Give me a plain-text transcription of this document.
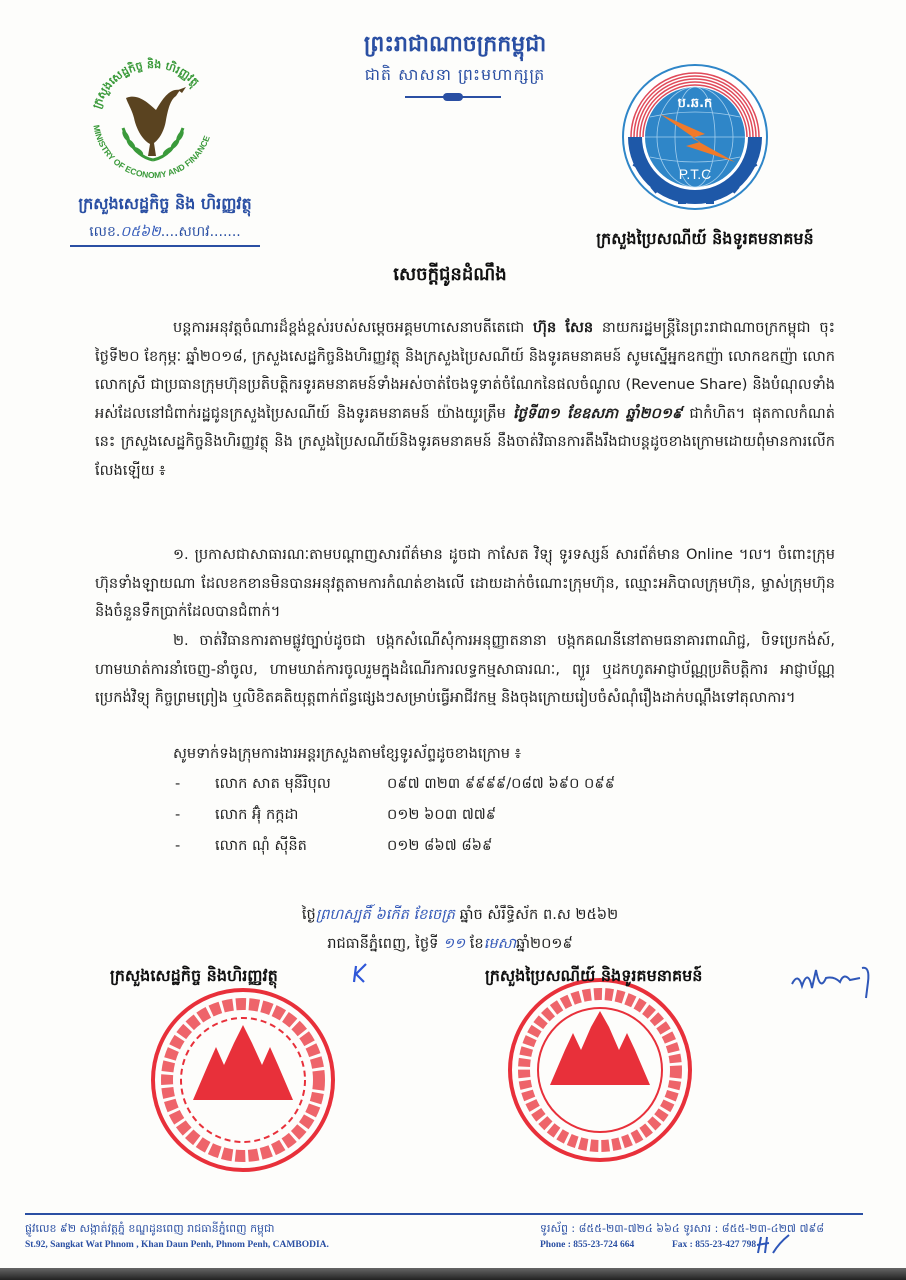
ក្រសួងសេដ្ឋកិច្ច និង ហិរញ្ញវត្ថុ
MINISTRY OF ECONOMY AND FINANCE
ក្រសួងសេដ្ឋកិច្ច និង ហិរញ្ញវត្ថុ
លេខ.០៥៦២....សហវ.......
ព្រះរាជាណាចក្រកម្ពុជា
ជាតិ សាសនា ព្រះមហាក្សត្រ
ប.ឆ.ក
P.T.C
ក្រសួងប្រៃសណីយ៍ និងទូរគមនាគមន៍
សេចក្តីជូនដំណឹង
បន្តការអនុវត្តចំណារដ៏ខ្ពង់ខ្ពស់របស់សម្តេចអគ្គមហាសេនាបតីតេជោ ហ៊ុន សែន នាយករដ្ឋមន្ត្រីនៃព្រះរាជាណាចក្រកម្ពុជា ចុះថ្ងៃទី២០ ខែកុម្ភៈ ឆ្នាំ២០១៨, ក្រសួងសេដ្ឋកិច្ចនិងហិរញ្ញវត្ថុ និងក្រសួងប្រៃសណីយ៍ និងទូរគមនាគមន៍ សូមស្នើអ្នកឧកញ៉ា លោកឧកញ៉ា លោក លោកស្រី ជាប្រធានក្រុមហ៊ុនប្រតិបត្តិករទូរគមនាគមន៍ទាំងអស់ចាត់ចែងទូទាត់ចំណែកនៃផលចំណូល (Revenue Share) និងបំណុលទាំងអស់ដែលនៅជំពាក់រដ្ឋជូនក្រសួងប្រៃសណីយ៍ និងទូរគមនាគមន៍ យ៉ាងយូរត្រឹម ថ្ងៃទី៣១ ខែឧសភា ឆ្នាំ២០១៩ ជាកំហិត។ ផុតកាលកំណត់នេះ ក្រសួងសេដ្ឋកិច្ចនិងហិរញ្ញវត្ថុ និង ក្រសួងប្រៃសណីយ៍និងទូរគមនាគមន៍ នឹងចាត់វិធានការតឹងរឹងជាបន្តដូចខាងក្រោមដោយពុំមានការលើកលែងឡើយ ៖
១. ប្រកាសជាសាធារណៈតាមបណ្តាញសារព័ត៌មាន ដូចជា កាសែត វិទ្យុ ទូរទស្សន៍ សារព័ត៌មាន Online ។ល។ ចំពោះក្រុមហ៊ុនទាំងឡាយណា ដែលខកខានមិនបានអនុវត្តតាមការកំណត់ខាងលើ ដោយដាក់ចំណោះក្រុមហ៊ុន, ឈ្មោះអភិបាលក្រុមហ៊ុន, ម្ចាស់ក្រុមហ៊ុន និងចំនួនទឹកប្រាក់ដែលបានជំពាក់។
២. ចាត់វិធានការតាមផ្លូវច្បាប់ដូចជា បង្កកសំណើសុំការអនុញ្ញាតនានា បង្កកគណនីនៅតាមធនាគារពាណិជ្ជ, បិទប្រេកង់ស៍, ហាមឃាត់ការនាំចេញ-នាំចូល, ហាមឃាត់ការចូលរួមក្នុងដំណើរការលទ្ធកម្មសាធារណៈ, ព្យួរ ឬដកហូតអាជ្ញាប័ណ្ណប្រតិបត្តិការ អាជ្ញាប័ណ្ណប្រេកង់វិទ្យុ កិច្ចព្រមព្រៀង ឬលិខិតគតិយុត្តពាក់ព័ន្ធផ្សេងៗសម្រាប់ធ្វើអាជីវកម្ម និងចុងក្រោយរៀបចំសំណុំរឿងដាក់បណ្តឹងទៅតុលាការ។
សូមទាក់ទងក្រុមការងារអន្តរក្រសួងតាមខ្សែទូរស័ព្ទដូចខាងក្រោម ៖
- លោក សាត មុនីរិបុល	០៩៧ ៣២៣ ៩៩៩៩/០៨៧ ៦៩០ ០៩៩
- លោក អ៊ុំ កក្កដា	០១២ ៦០៣ ៧៧៩
- លោក ណុំ ស៊ីនិត	០១២ ៨៦៧ ៨៦៩
ថ្ងៃព្រហស្បតិ៍ ៦កើត ខែចេត្រ ឆ្នាំច សំរឹទ្ធិស័ក ព.ស ២៥៦២
រាជធានីភ្នំពេញ, ថ្ងៃទី ១១ ខែមេសាឆ្នាំ២០១៩
ក្រសួងសេដ្ឋកិច្ច និងហិរញ្ញវត្ថុ	ក្រសួងប្រៃសណីយ៍ និងទូរគមនាគមន៍
ផ្លូវលេខ ៩២ សង្កាត់វត្តភ្នំ ខណ្ឌដូនពេញ រាជធានីភ្នំពេញ កម្ពុជា
St.92, Sangkat Wat Phnom , Khan Daun Penh, Phnom Penh, CAMBODIA.
ទូរស័ព្ទ : ៨៥៥-២៣-៧២៤ ៦៦៤ ទូរសារ : ៨៥៥-២៣-៤២៧ ៧៩៨
Phone : 855-23-724 664	Fax : 855-23-427 798
